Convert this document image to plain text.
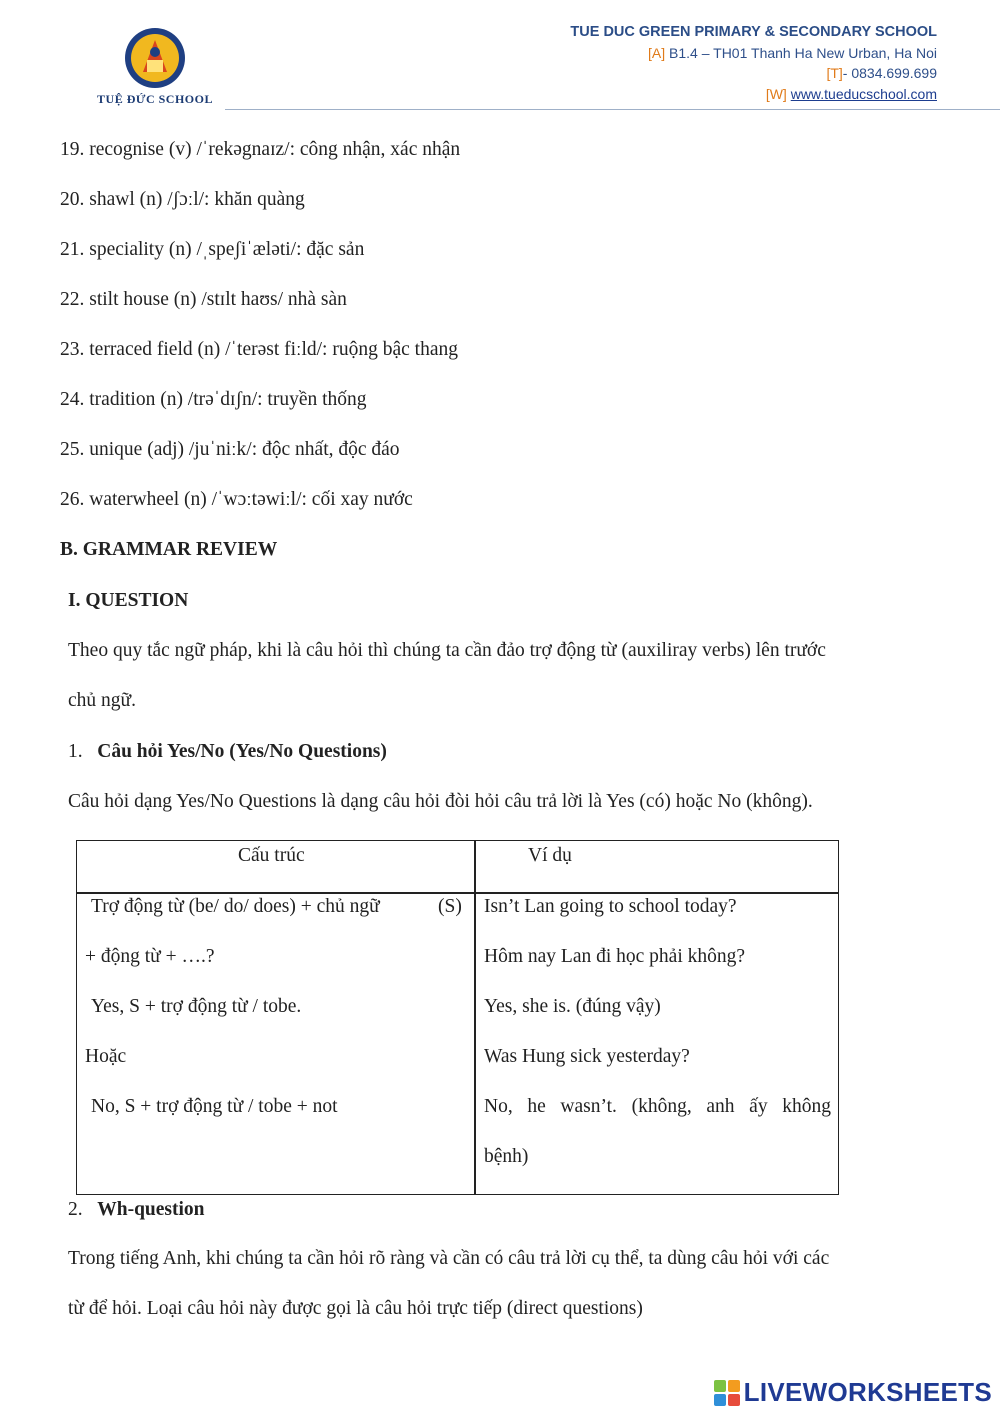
TUỆ ĐỨC SCHOOL
TUE DUC GREEN PRIMARY & SECONDARY SCHOOL
[A] B1.4 – TH01 Thanh Ha New Urban, Ha Noi
[T]- 0834.699.699
[W] www.tueducschool.com
19. recognise (v) /ˈrekəgnaɪz/: công nhận, xác nhận
20. shawl (n) /ʃɔːl/: khăn quàng
21. speciality (n) /ˌspeʃiˈæləti/: đặc sản
22. stilt house (n) /stɪlt haʊs/ nhà sàn
23. terraced field (n) /ˈterəst fiːld/: ruộng bậc thang
24. tradition (n) /trəˈdɪʃn/: truyền thống
25. unique (adj) /juˈniːk/: độc nhất, độc đáo
26. waterwheel (n) /ˈwɔːtəwiːl/: cối xay nước
B. GRAMMAR REVIEW
I. QUESTION
Theo quy tắc ngữ pháp, khi là câu hỏi thì chúng ta cần đảo trợ động từ (auxiliray verbs) lên trước
chủ ngữ.
1. Câu hỏi Yes/No (Yes/No Questions)
Câu hỏi dạng Yes/No Questions là dạng câu hỏi đòi hỏi câu trả lời là Yes (có) hoặc No (không).
Cấu trúc	Ví dụ
Trợ động từ (be/ do/ does) + chủ ngữ	(S)
+ động từ + ….?
Yes, S + trợ động từ / tobe.
Hoặc
No, S + trợ động từ / tobe + not
Isn’t Lan going to school today?
Hôm nay Lan đi học phải không?
Yes, she is. (đúng vậy)
Was Hung sick yesterday?
No, he wasn’t. (không, anh ấy không
bệnh)
2. Wh-question
Trong tiếng Anh, khi chúng ta cần hỏi rõ ràng và cần có câu trả lời cụ thể, ta dùng câu hỏi với các
từ để hỏi. Loại câu hỏi này được gọi là câu hỏi trực tiếp (direct questions)
LIVEWORKSHEETS
